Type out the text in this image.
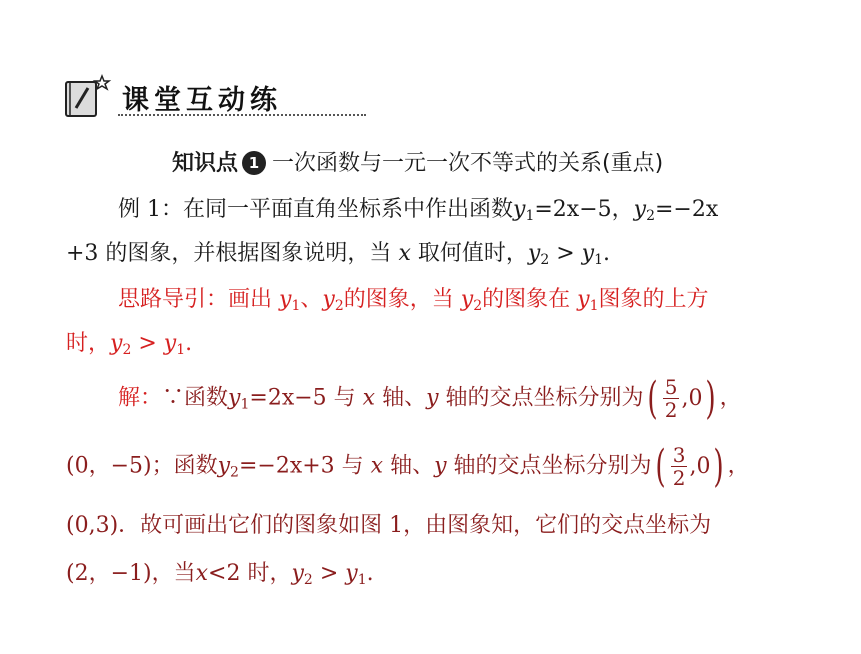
课堂互动练
知识点 1 一次函数与一元一次不等式的关系(重点)
例 1：在同一平面直角坐标系中作出函数$y_1=2x-5$，$y_2=-2x$
+3 的图象，并根据图象说明，当 x 取何值时，$y_2 > y_1$.
思路导引：画出 $y_1$、$y_2$的图象，当 $y_2$的图象在 $y_1$图象的上方
时，$y_2 > y_1$.
解：∵函数$y_1=2x-5$ 与 x 轴、y 轴的交点坐标分别为 ( $\frac{5}{2} ,0$ ) ，
(0，−5)；函数$y_2=-2x+3$ 与 x 轴、y 轴的交点坐标分别为 ( $\frac{3}{2} ,0$ ) ，
(0,3)．故可画出它们的图象如图 1，由图象知，它们的交点坐标为
(2，−1)，当x<2 时，$y_2 > y_1$.
